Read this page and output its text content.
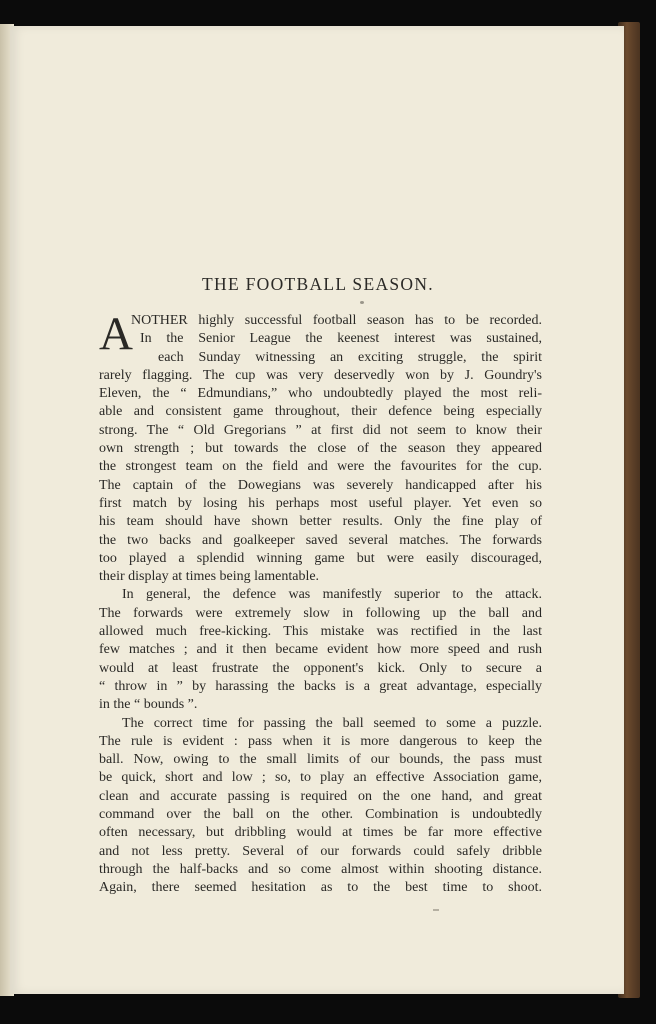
THE FOOTBALL SEASON.
A
NOTHER highly successful football season has to be recorded.
In the Senior League the keenest interest was sustained,
each Sunday witnessing an exciting struggle, the spirit
rarely flagging. The cup was very deservedly won by J. Goundry's
Eleven, the “ Edmundians,” who undoubtedly played the most reli-
able and consistent game throughout, their defence being especially
strong. The “ Old Gregorians ” at first did not seem to know their
own strength ; but towards the close of the season they appeared
the strongest team on the field and were the favourites for the cup.
The captain of the Dowegians was severely handicapped after his
first match by losing his perhaps most useful player. Yet even so
his team should have shown better results. Only the fine play of
the two backs and goalkeeper saved several matches. The forwards
too played a splendid winning game but were easily discouraged,
their display at times being lamentable.
In general, the defence was manifestly superior to the attack.
The forwards were extremely slow in following up the ball and
allowed much free-kicking. This mistake was rectified in the last
few matches ; and it then became evident how more speed and rush
would at least frustrate the opponent's kick. Only to secure a
“ throw in ” by harassing the backs is a great advantage, especially
in the “ bounds ”.
The correct time for passing the ball seemed to some a puzzle.
The rule is evident : pass when it is more dangerous to keep the
ball. Now, owing to the small limits of our bounds, the pass must
be quick, short and low ; so, to play an effective Association game,
clean and accurate passing is required on the one hand, and great
command over the ball on the other. Combination is undoubtedly
often necessary, but dribbling would at times be far more effective
and not less pretty. Several of our forwards could safely dribble
through the half-backs and so come almost within shooting distance.
Again, there seemed hesitation as to the best time to shoot.
